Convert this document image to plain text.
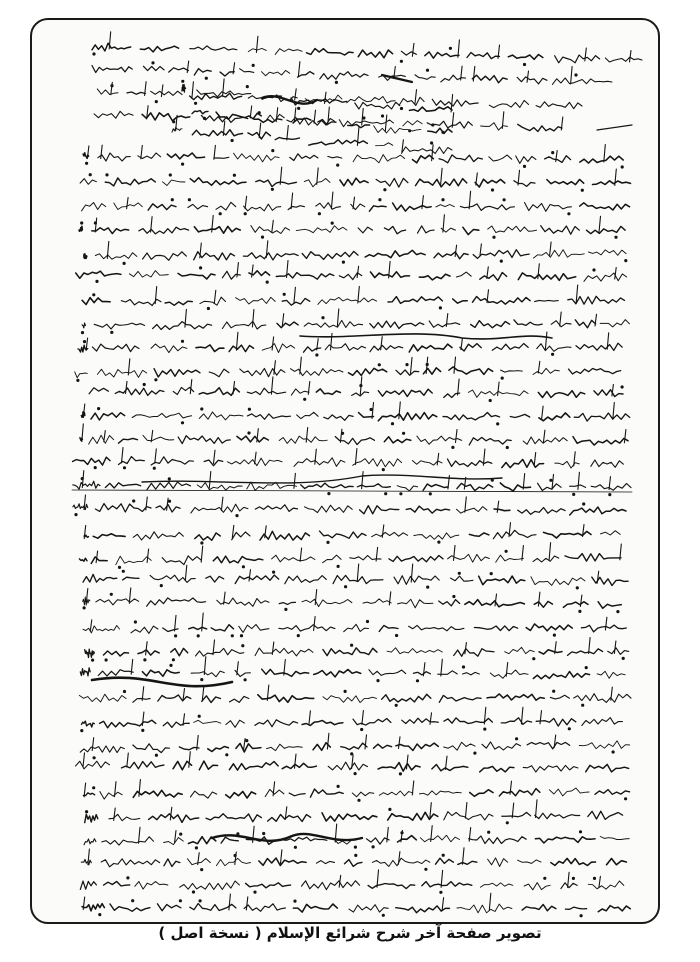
تصوير صفحة آخر شرح شرائع الإسلام ( نسخة اصل )
